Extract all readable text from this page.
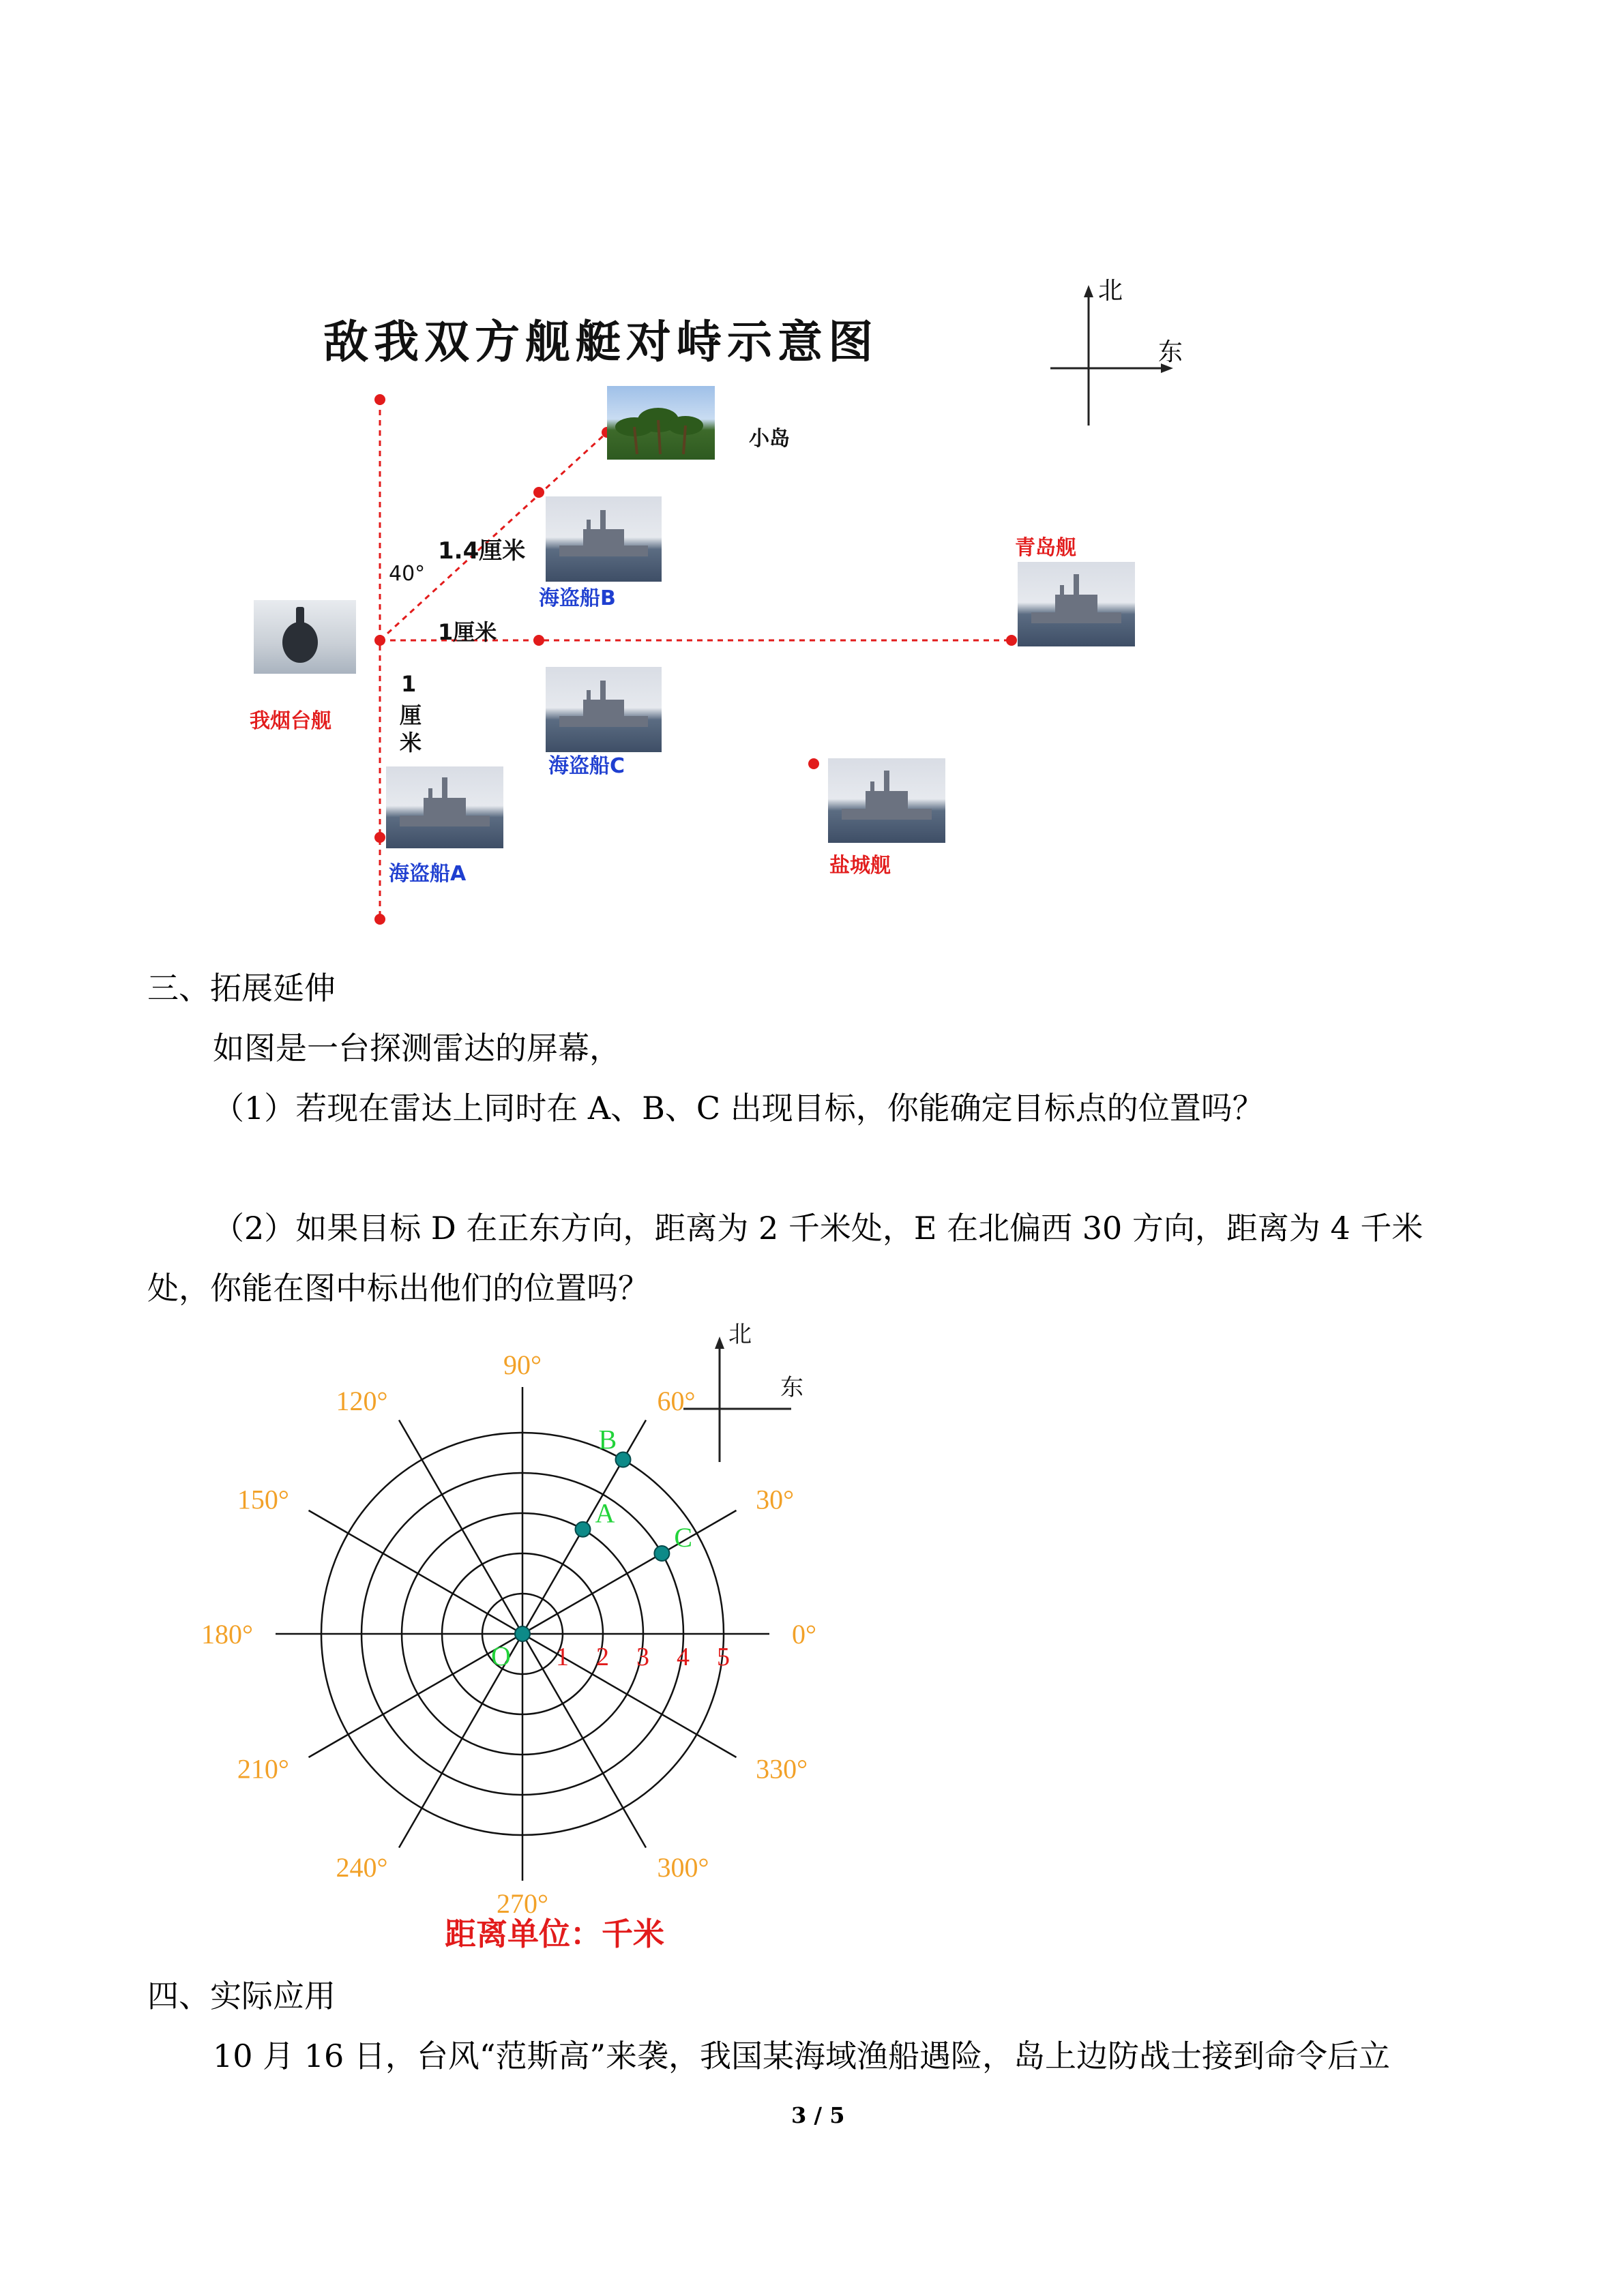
敌我双方舰艇对峙示意图
北
东
小岛
海盗船B
青岛舰
我烟台舰
海盗船C
盐城舰
海盗船A
1.4厘米
40°
1厘米
1
厘
米
三、拓展延伸
如图是一台探测雷达的屏幕，
（1）若现在雷达上同时在 A、B、C 出现目标，你能确定目标点的位置吗？
（2）如果目标 D 在正东方向，距离为 2 千米处，E 在北偏西 30 方向，距离为 4 千米
处，你能在图中标出他们的位置吗？
0°
30°
60°
90°
120°
150°
180°
210°
240°
270°
300°
330°
1 2 3 4 5
O
A
B
C
北
东
距离单位：千米
四、实际应用
10 月 16 日，台风“范斯高”来袭，我国某海域渔船遇险，岛上边防战士接到命令后立
3 / 5
